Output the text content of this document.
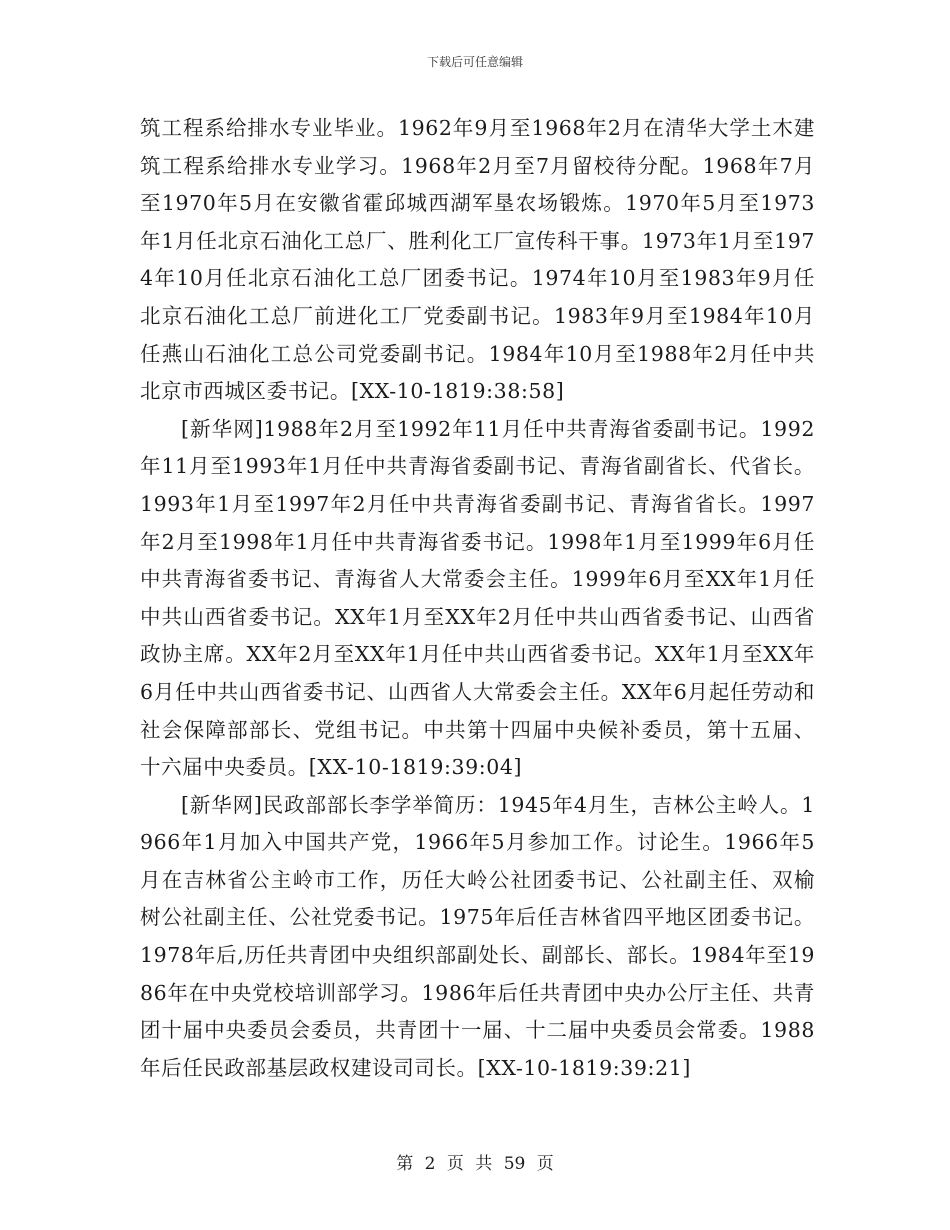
下载后可任意编辑

筑工程系给排水专业毕业。1962年9月至1968年2月在清华大学土木建筑工程系给排水专业学习。1968年2月至7月留校待分配。1968年7月至1970年5月在安徽省霍邱城西湖军垦农场锻炼。1970年5月至1973年1月任北京石油化工总厂、胜利化工厂宣传科干事。1973年1月至1974年10月任北京石油化工总厂团委书记。1974年10月至1983年9月任北京石油化工总厂前进化工厂党委副书记。1983年9月至1984年10月任燕山石油化工总公司党委副书记。1984年10月至1988年2月任中共北京市西城区委书记。[XX-10-1819:38:58]

[新华网]1988年2月至1992年11月任中共青海省委副书记。1992年11月至1993年1月任中共青海省委副书记、青海省副省长、代省长。1993年1月至1997年2月任中共青海省委副书记、青海省省长。1997年2月至1998年1月任中共青海省委书记。1998年1月至1999年6月任中共青海省委书记、青海省人大常委会主任。1999年6月至XX年1月任中共山西省委书记。XX年1月至XX年2月任中共山西省委书记、山西省政协主席。XX年2月至XX年1月任中共山西省委书记。XX年1月至XX年6月任中共山西省委书记、山西省人大常委会主任。XX年6月起任劳动和社会保障部部长、党组书记。中共第十四届中央候补委员，第十五届、十六届中央委员。[XX-10-1819:39:04]

[新华网]民政部部长李学举简历：1945年4月生，吉林公主岭人。1966年1月加入中国共产党，1966年5月参加工作。讨论生。1966年5月在吉林省公主岭市工作，历任大岭公社团委书记、公社副主任、双榆树公社副主任、公社党委书记。1975年后任吉林省四平地区团委书记。1978年后,历任共青团中央组织部副处长、副部长、部长。1984年至1986年在中央党校培训部学习。1986年后任共青团中央办公厅主任、共青团十届中央委员会委员，共青团十一届、十二届中央委员会常委。1988年后任民政部基层政权建设司司长。[XX-10-1819:39:21]

第 2 页 共 59 页
